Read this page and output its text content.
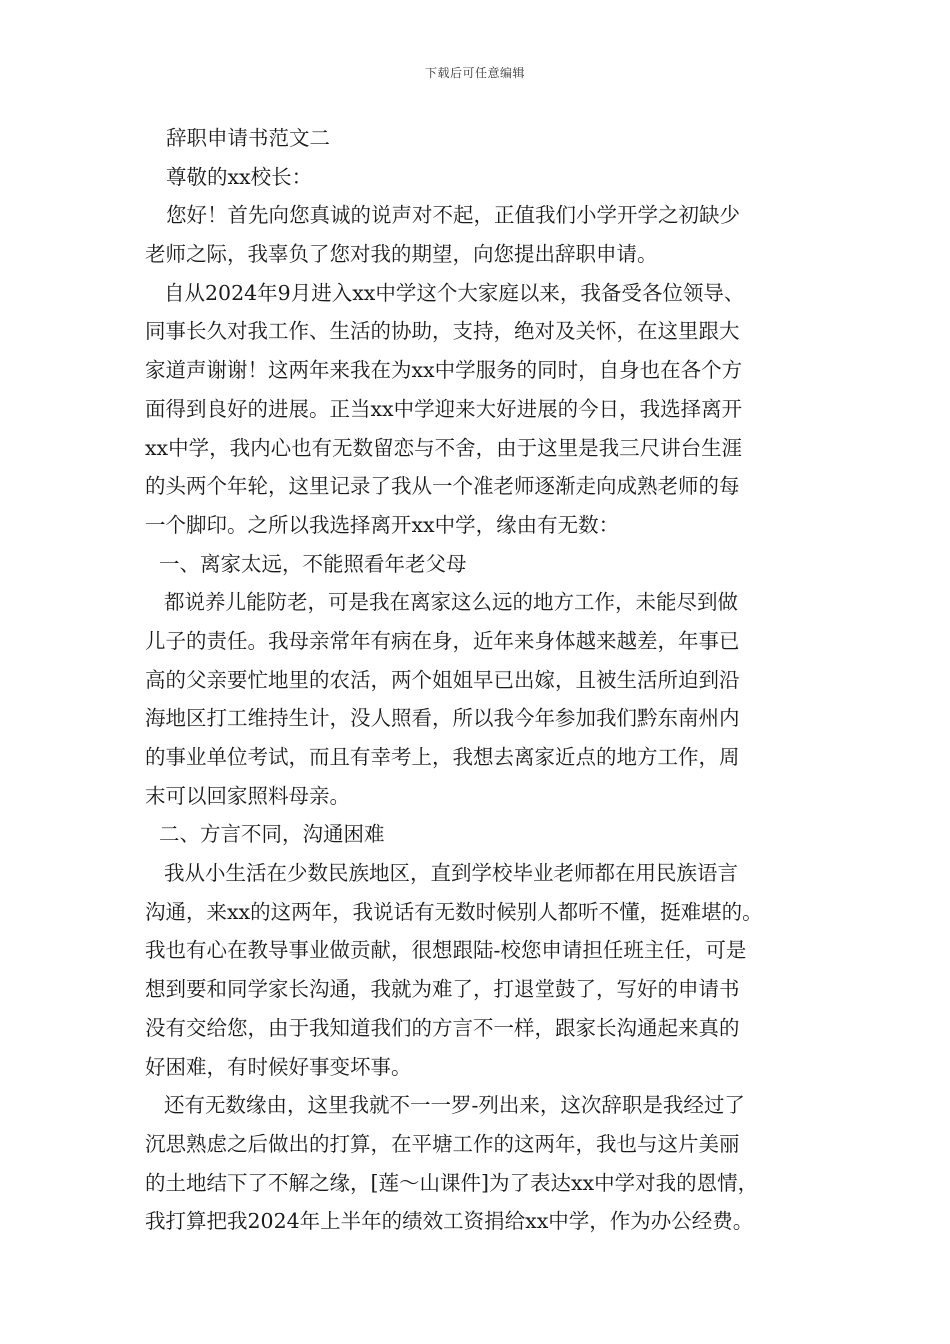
下载后可任意编辑
辞职申请书范文二
尊敬的xx校长：
您好！首先向您真诚的说声对不起，正值我们小学开学之初缺少
老师之际，我辜负了您对我的期望，向您提出辞职申请。
自从2024年9月进入xx中学这个大家庭以来，我备受各位领导、
同事长久对我工作、生活的协助，支持，绝对及关怀，在这里跟大
家道声谢谢！这两年来我在为xx中学服务的同时，自身也在各个方
面得到良好的进展。正当xx中学迎来大好进展的今日，我选择离开
xx中学，我内心也有无数留恋与不舍，由于这里是我三尺讲台生涯
的头两个年轮，这里记录了我从一个准老师逐渐走向成熟老师的每
一个脚印。之所以我选择离开xx中学，缘由有无数：
一、离家太远，不能照看年老父母
都说养儿能防老，可是我在离家这么远的地方工作，未能尽到做
儿子的责任。我母亲常年有病在身，近年来身体越来越差，年事已
高的父亲要忙地里的农活，两个姐姐早已出嫁，且被生活所迫到沿
海地区打工维持生计，没人照看，所以我今年参加我们黔东南州内
的事业单位考试，而且有幸考上，我想去离家近点的地方工作，周
末可以回家照料母亲。
二、方言不同，沟通困难
我从小生活在少数民族地区，直到学校毕业老师都在用民族语言
沟通，来xx的这两年，我说话有无数时候别人都听不懂，挺难堪的。
我也有心在教导事业做贡献，很想跟陆-校您申请担任班主任，可是
想到要和同学家长沟通，我就为难了，打退堂鼓了，写好的申请书
没有交给您，由于我知道我们的方言不一样，跟家长沟通起来真的
好困难，有时候好事变坏事。
还有无数缘由，这里我就不一一罗-列出来，这次辞职是我经过了
沉思熟虑之后做出的打算，在平塘工作的这两年，我也与这片美丽
的土地结下了不解之缘，[莲～山课件]为了表达xx中学对我的恩情，
我打算把我2024年上半年的绩效工资捐给xx中学，作为办公经费。
